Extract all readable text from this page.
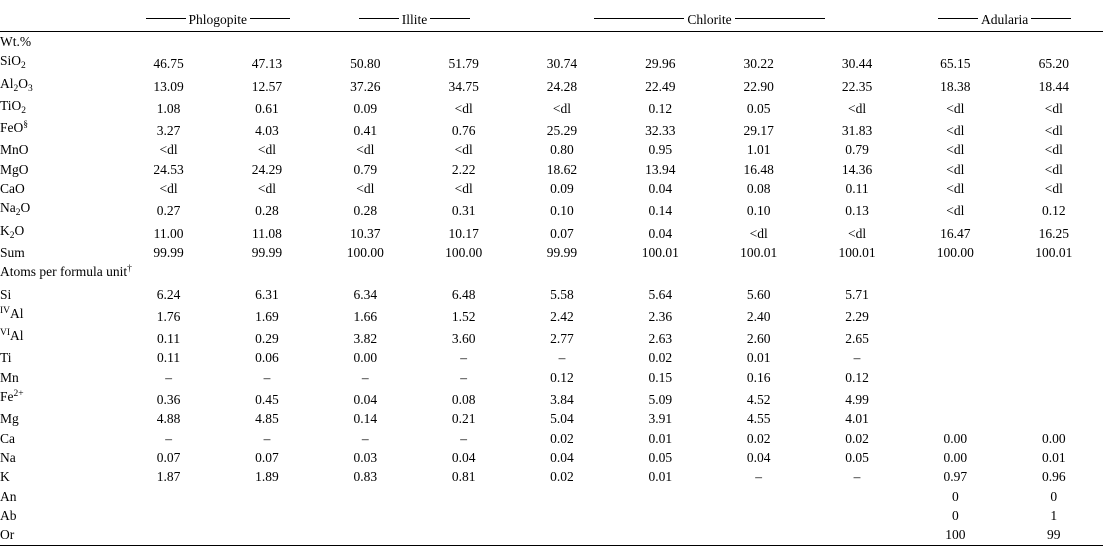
	Phlogopite		Illite		Chlorite				Adularia	

Wt.%										
SiO$_2$	46.75	47.13	50.80	51.79	30.74	29.96	30.22	30.44	65.15	65.20
$Al_2O_3$	13.09	12.57	37.26	34.75	24.28	22.49	22.90	22.35	18.38	18.44
TiO$_2$	1.08	0.61	0.09	<dl	<dl	0.12	0.05	<dl	<dl	<dl
FeO§	3.27	4.03	0.41	0.76	25.29	32.33	29.17	31.83	<dl	<dl
MnO	<dl	<dl	<dl	<dl	0.80	0.95	1.01	0.79	<dl	<dl
MgO	24.53	24.29	0.79	2.22	18.62	13.94	16.48	14.36	<dl	<dl
CaO	<dl	<dl	<dl	<dl	0.09	0.04	0.08	0.11	<dl	<dl
$Na_2O$	0.27	0.28	0.28	0.31	0.10	0.14	0.10	0.13	<dl	0.12
$K_2O$	11.00	11.08	10.37	10.17	0.07	0.04	<dl	<dl	16.47	16.25
Sum	99.99	99.99	100.00	100.00	99.99	100.01	100.01	100.01	100.00	100.01
Atoms per formula unit†										
Si	6.24	6.31	6.34	6.48	5.58	5.64	5.60	5.71		
$^{IV}$Al	1.76	1.69	1.66	1.52	2.42	2.36	2.40	2.29		
$^{VI}$Al	0.11	0.29	3.82	3.60	2.77	2.63	2.60	2.65		
Ti	0.11	0.06	0.00	–	–	0.02	0.01	–		
Mn	–	–	–	–	0.12	0.15	0.16	0.12		
$Fe^{2+}$	0.36	0.45	0.04	0.08	3.84	5.09	4.52	4.99		
Mg	4.88	4.85	0.14	0.21	5.04	3.91	4.55	4.01		
Ca	–	–	–	–	0.02	0.01	0.02	0.02	0.00	0.00
Na	0.07	0.07	0.03	0.04	0.04	0.05	0.04	0.05	0.00	0.01
K	1.87	1.89	0.83	0.81	0.02	0.01	–	–	0.97	0.96
An									0	0
Ab									0	1
Or									100	99
